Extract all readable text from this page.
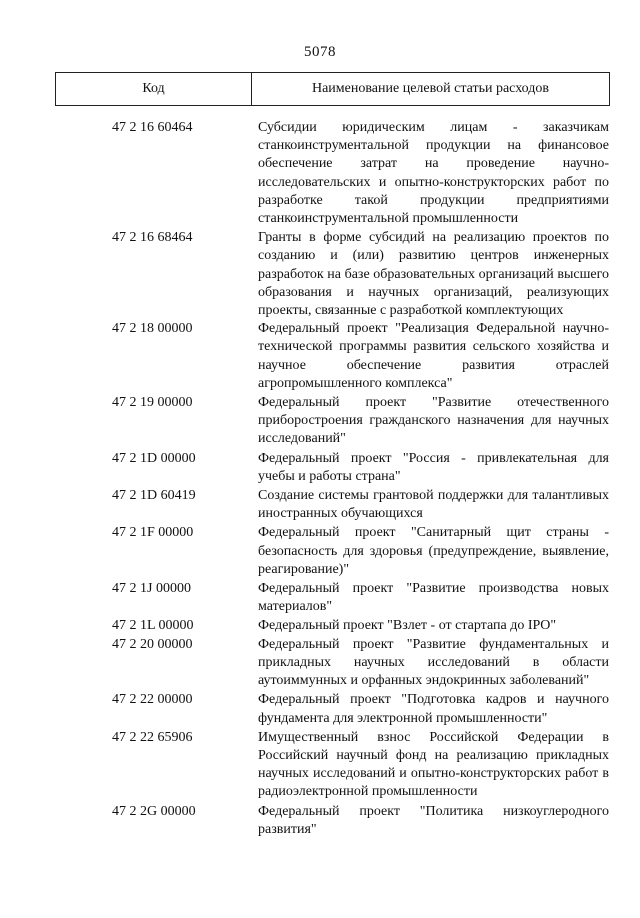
5078
Код	Наименование целевой статьи расходов
47 2 16 60464	Субсидии юридическим лицам - заказчикам станкоинструментальной продукции на финансовое обеспечение затрат на проведение научно-исследовательских и опытно-конструкторских работ по разработке такой продукции предприятиями станкоинструментальной промышленности
47 2 16 68464	Гранты в форме субсидий на реализацию проектов по созданию и (или) развитию центров инженерных разработок на базе образовательных организаций высшего образования и научных организаций, реализующих проекты, связанные с разработкой комплектующих
47 2 18 00000	Федеральный проект "Реализация Федеральной научно-технической программы развития сельского хозяйства и научное обеспечение развития отраслей агропромышленного комплекса"
47 2 19 00000	Федеральный проект "Развитие отечественного приборостроения гражданского назначения для научных исследований"
47 2 1D 00000	Федеральный проект "Россия - привлекательная для учебы и работы страна"
47 2 1D 60419	Создание системы грантовой поддержки для талантливых иностранных обучающихся
47 2 1F 00000	Федеральный проект "Санитарный щит страны - безопасность для здоровья (предупреждение, выявление, реагирование)"
47 2 1J 00000	Федеральный проект "Развитие производства новых материалов"
47 2 1L 00000	Федеральный проект "Взлет - от стартапа до IPO"
47 2 20 00000	Федеральный проект "Развитие фундаментальных и прикладных научных исследований в области аутоиммунных и орфанных эндокринных заболеваний"
47 2 22 00000	Федеральный проект "Подготовка кадров и научного фундамента для электронной промышленности"
47 2 22 65906	Имущественный взнос Российской Федерации в Российский научный фонд на реализацию прикладных научных исследований и опытно-конструкторских работ в радиоэлектронной промышленности
47 2 2G 00000	Федеральный проект "Политика низкоуглеродного развития"
